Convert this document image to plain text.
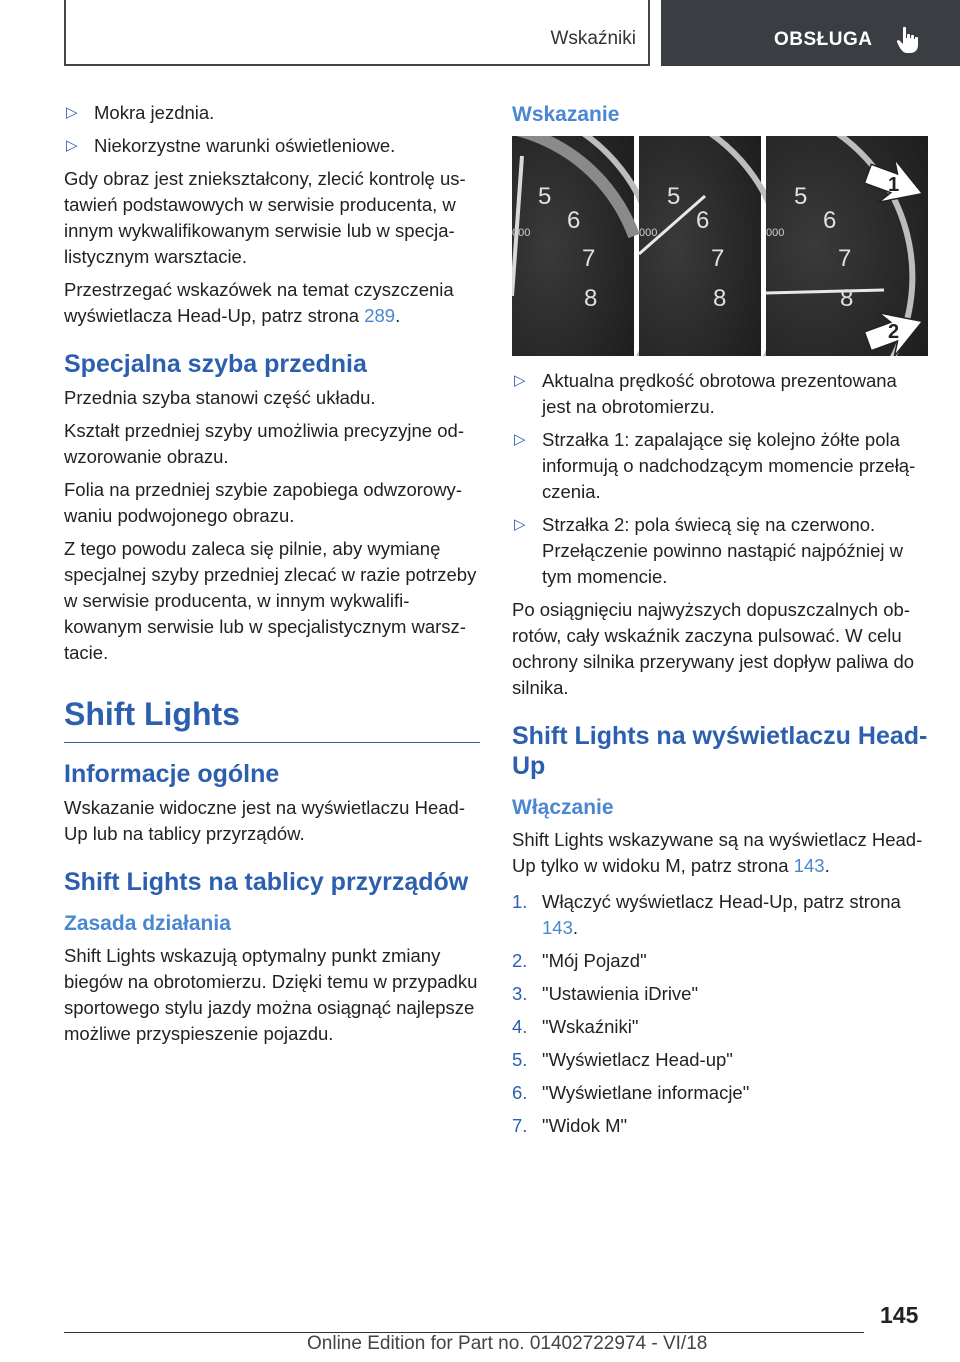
Wskaźniki	OBSŁUGA
▷ Mokra jezdnia.
▷ Niekorzystne warunki oświetleniowe.

Gdy obraz jest zniekształcony, zlecić kontrolę ustawień podstawowych w serwisie producenta, w innym wykwalifikowanym serwisie lub w specjalistycznym warsztacie.

Przestrzegać wskazówek na temat czyszczenia wyświetlacza Head-Up, patrz strona 289.

Specjalna szyba przednia

Przednia szyba stanowi część układu.

Kształt przedniej szyby umożliwia precyzyjne odwzorowanie obrazu.

Folia na przedniej szybie zapobiega odwzorowywaniu podwojonego obrazu.

Z tego powodu zaleca się pilnie, aby wymianę specjalnej szyby przedniej zlecać w razie potrzeby w serwisie producenta, w innym wykwalifikowanym serwisie lub w specjalistycznym warsztacie.

Shift Lights
Informacje ogólne

Wskazanie widoczne jest na wyświetlaczu Head-Up lub na tablicy przyrządów.

Shift Lights na tablicy przyrządów
Zasada działania

Shift Lights wskazują optymalny punkt zmiany biegów na obrotomierzu. Dzięki temu w przypadku sportowego stylu jazdy można osiągnąć najlepsze możliwe przyspieszenie pojazdu.

Wskazanie
5
6
7
8
000
5
6
7
8
000
5
6
7
8
000
1
2
▷ Aktualna prędkość obrotowa prezentowana jest na obrotomierzu.
▷ Strzałka 1: zapalające się kolejno żółte pola informują o nadchodzącym momencie przełączenia.
▷ Strzałka 2: pola świecą się na czerwono. Przełączenie powinno nastąpić najpóźniej w tym momencie.

Po osiągnięciu najwyższych dopuszczalnych obrotów, cały wskaźnik zaczyna pulsować. W celu ochrony silnika przerywany jest dopływ paliwa do silnika.

Shift Lights na wyświetlaczu Head-Up
Włączanie

Shift Lights wskazywane są na wyświetlacz Head-Up tylko w widoku M, patrz strona 143.

1. Włączyć wyświetlacz Head-Up, patrz strona 143.
2. "Mój Pojazd"
3. "Ustawienia iDrive"
4. "Wskaźniki"
5. "Wyświetlacz Head-up"
6. "Wyświetlane informacje"
7. "Widok M"
145
Online Edition for Part no. 01402722974 - VI/18
